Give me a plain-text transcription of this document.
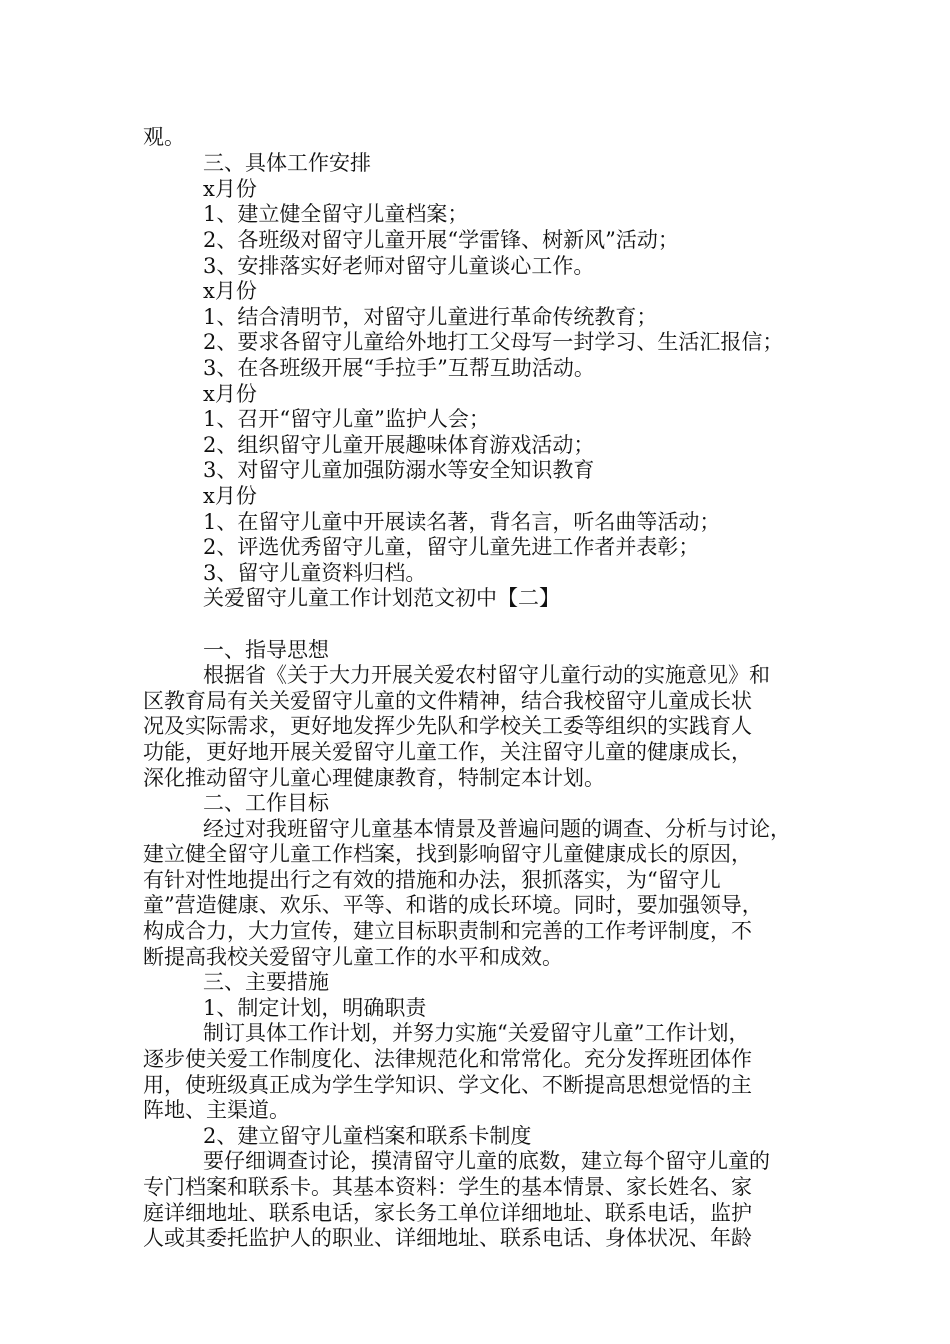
观。
三、具体工作安排
x月份
1、建立健全留守儿童档案；
2、各班级对留守儿童开展“学雷锋、树新风”活动；
3、安排落实好老师对留守儿童谈心工作。
x月份
1、结合清明节，对留守儿童进行革命传统教育；
2、要求各留守儿童给外地打工父母写一封学习、生活汇报信；
3、在各班级开展“手拉手”互帮互助活动。
x月份
1、召开“留守儿童”监护人会；
2、组织留守儿童开展趣味体育游戏活动；
3、对留守儿童加强防溺水等安全知识教育
x月份
1、在留守儿童中开展读名著，背名言，听名曲等活动；
2、评选优秀留守儿童，留守儿童先进工作者并表彰；
3、留守儿童资料归档。
关爱留守儿童工作计划范文初中【二】
一、指导思想
根据省《关于大力开展关爱农村留守儿童行动的实施意见》和
区教育局有关关爱留守儿童的文件精神，结合我校留守儿童成长状
况及实际需求，更好地发挥少先队和学校关工委等组织的实践育人
功能，更好地开展关爱留守儿童工作，关注留守儿童的健康成长，
深化推动留守儿童心理健康教育，特制定本计划。
二、工作目标
经过对我班留守儿童基本情景及普遍问题的调查、分析与讨论，
建立健全留守儿童工作档案，找到影响留守儿童健康成长的原因，
有针对性地提出行之有效的措施和办法，狠抓落实，为“留守儿
童”营造健康、欢乐、平等、和谐的成长环境。同时，要加强领导，
构成合力，大力宣传，建立目标职责制和完善的工作考评制度，不
断提高我校关爱留守儿童工作的水平和成效。
三、主要措施
1、制定计划，明确职责
制订具体工作计划，并努力实施“关爱留守儿童”工作计划，
逐步使关爱工作制度化、法律规范化和常常化。充分发挥班团体作
用，使班级真正成为学生学知识、学文化、不断提高思想觉悟的主
阵地、主渠道。
2、建立留守儿童档案和联系卡制度
要仔细调查讨论，摸清留守儿童的底数，建立每个留守儿童的
专门档案和联系卡。其基本资料：学生的基本情景、家长姓名、家
庭详细地址、联系电话，家长务工单位详细地址、联系电话，监护
人或其委托监护人的职业、详细地址、联系电话、身体状况、年龄
